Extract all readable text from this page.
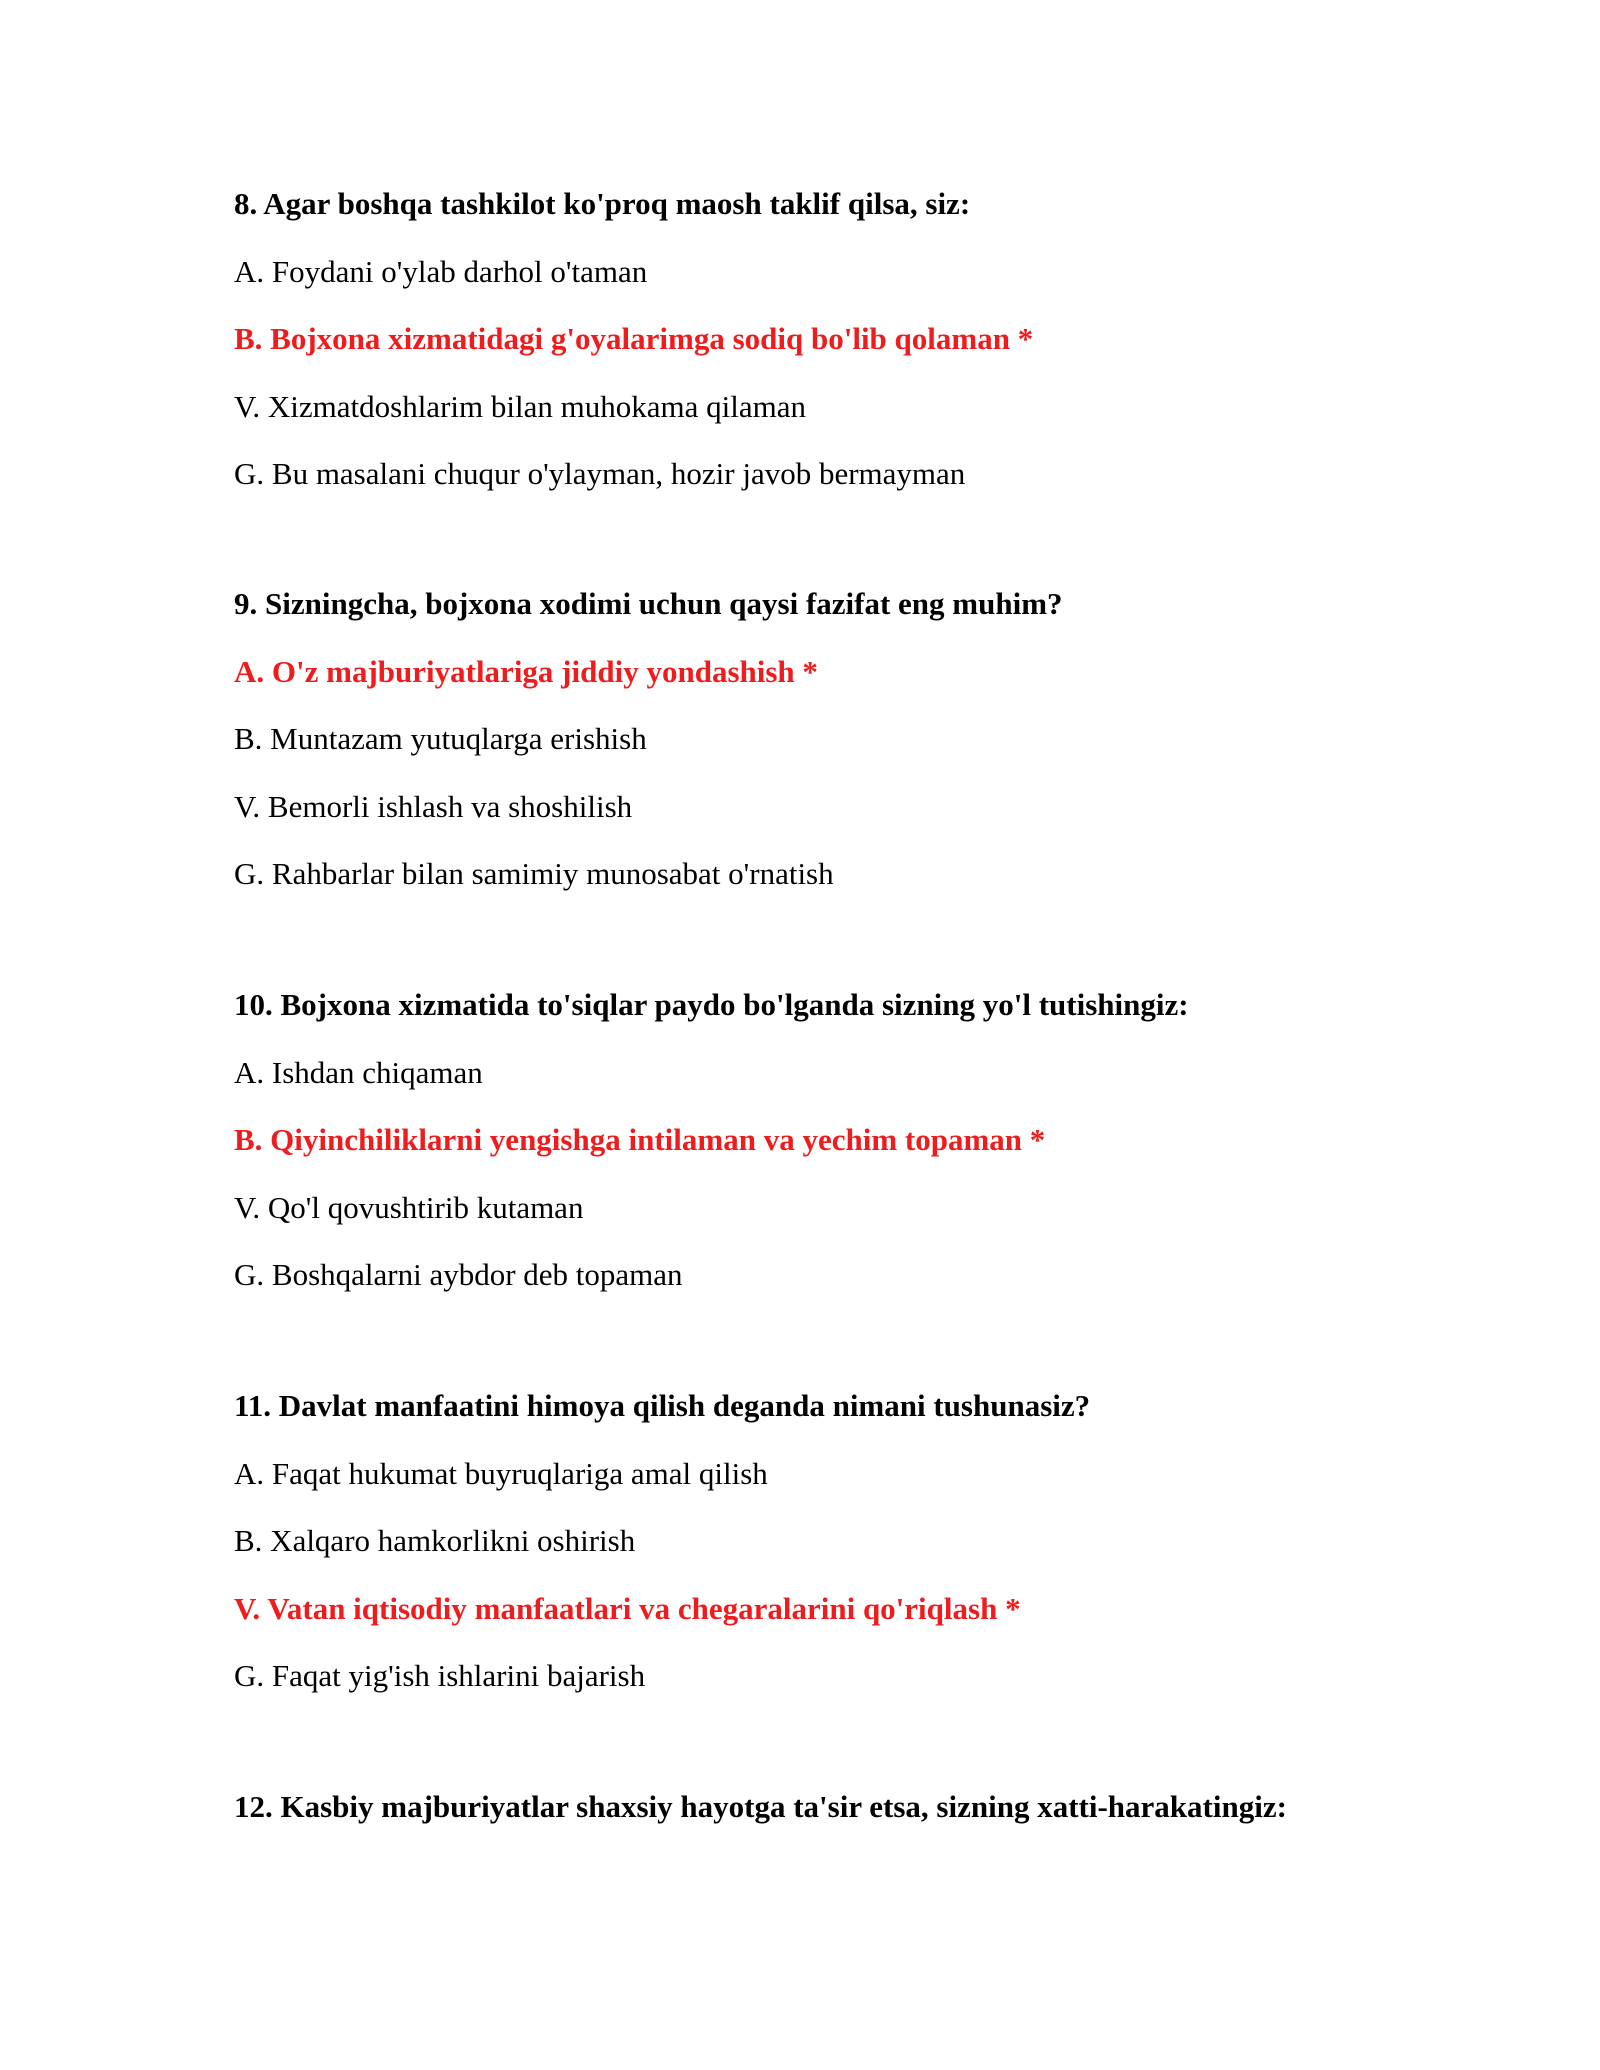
8. Agar boshqa tashkilot ko'proq maosh taklif qilsa, siz:

A. Foydani o'ylab darhol o'taman

B. Bojxona xizmatidagi g'oyalarimga sodiq bo'lib qolaman *

V. Xizmatdoshlarim bilan muhokama qilaman

G. Bu masalani chuqur o'ylayman, hozir javob bermayman

9. Sizningcha, bojxona xodimi uchun qaysi fazifat eng muhim?

A. O'z majburiyatlariga jiddiy yondashish *

B. Muntazam yutuqlarga erishish

V. Bemorli ishlash va shoshilish

G. Rahbarlar bilan samimiy munosabat o'rnatish

10. Bojxona xizmatida to'siqlar paydo bo'lganda sizning yo'l tutishingiz:

A. Ishdan chiqaman

B. Qiyinchiliklarni yengishga intilaman va yechim topaman *

V. Qo'l qovushtirib kutaman

G. Boshqalarni aybdor deb topaman

11. Davlat manfaatini himoya qilish deganda nimani tushunasiz?

A. Faqat hukumat buyruqlariga amal qilish

B. Xalqaro hamkorlikni oshirish

V. Vatan iqtisodiy manfaatlari va chegaralarini qo'riqlash *

G. Faqat yig'ish ishlarini bajarish

12. Kasbiy majburiyatlar shaxsiy hayotga ta'sir etsa, sizning xatti-harakatingiz:
